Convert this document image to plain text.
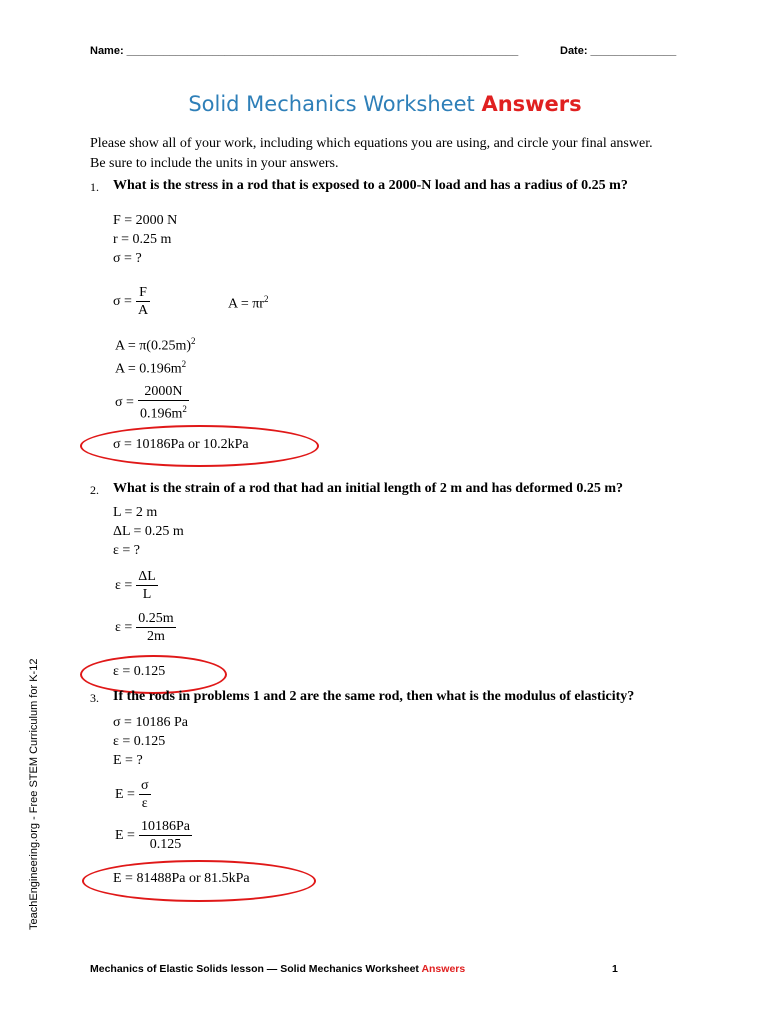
Name: ________________________________________________________________	Date: ______________
Solid Mechanics Worksheet Answers
Please show all of your work, including which equations you are using, and circle your final answer. Be sure to include the units in your answers.
1. What is the stress in a rod that is exposed to a 2000-N load and has a radius of 0.25 m?
F = 2000 N
r = 0.25 m
σ = ?
$\sigma = \frac{F}{A}$	$A = \pi r^2$
$A = \pi(0.25m)^2$
$A = 0.196m^2$
$\sigma = \frac{2000N}{0.196m^2}$
σ = 10186Pa or 10.2kPa
2. What is the strain of a rod that had an initial length of 2 m and has deformed 0.25 m?
L = 2 m
ΔL = 0.25 m
ε = ?
$\varepsilon = \frac{\Delta L}{L}$
$\varepsilon = \frac{0.25m}{2m}$
ε = 0.125
3. If the rods in problems 1 and 2 are the same rod, then what is the modulus of elasticity?
σ = 10186 Pa
ε = 0.125
E = ?
$E = \frac{\sigma}{\varepsilon}$
$E = \frac{10186Pa}{0.125}$
E = 81488Pa or 81.5kPa
TeachEngineering.org - Free STEM Curriculum for K-12
Mechanics of Elastic Solids lesson — Solid Mechanics Worksheet Answers	1
